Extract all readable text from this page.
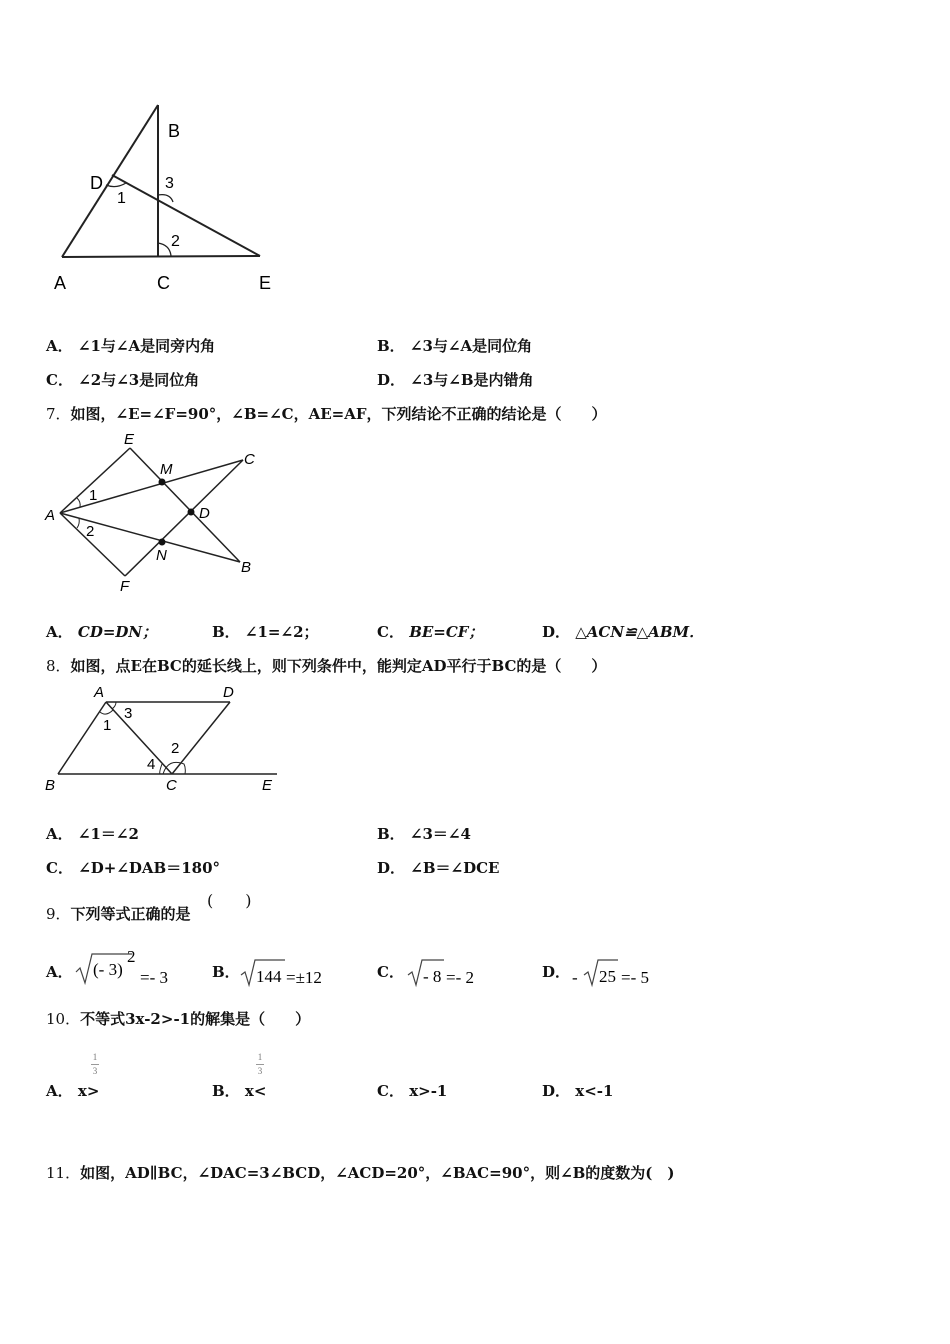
A
B
C
D
E
1
2
3
A． ∠1与∠A是同旁内角	B． ∠3与∠A是同位角
C． ∠2与∠3是同位角	D． ∠3与∠B是内错角
7．如图，∠E=∠F=90°，∠B=∠C，AE=AF，下列结论不正确的结论是（　　）
E
C
M
A	D
N
B
F
1
2
A． CD=DN；	B． ∠1=∠2；	C． BE=CF；	D． △ACN≌△ABM．
8．如图，点E在BC的延长线上，则下列条件中，能判定AD平行于BC的是（　　）
A	D
B	C	E
1
3
2
4
A． ∠1＝∠2	B． ∠3＝∠4
C． ∠D+∠DAB＝180°	D． ∠B＝∠DCE
9．下列等式正确的是
(　　)
A． (- 3)
2
=- 3	B． 144 =±12	C． - 8 =- 2	D． - 25 =- 5
10．不等式3x-2>-1的解集是（　　）
1
3
1
3
A． x>	B． x<	C． x>-1	D． x<-1
11．如图，AD∥BC，∠DAC=3∠BCD，∠ACD=20°，∠BAC=90°，则∠B的度数为(　)
